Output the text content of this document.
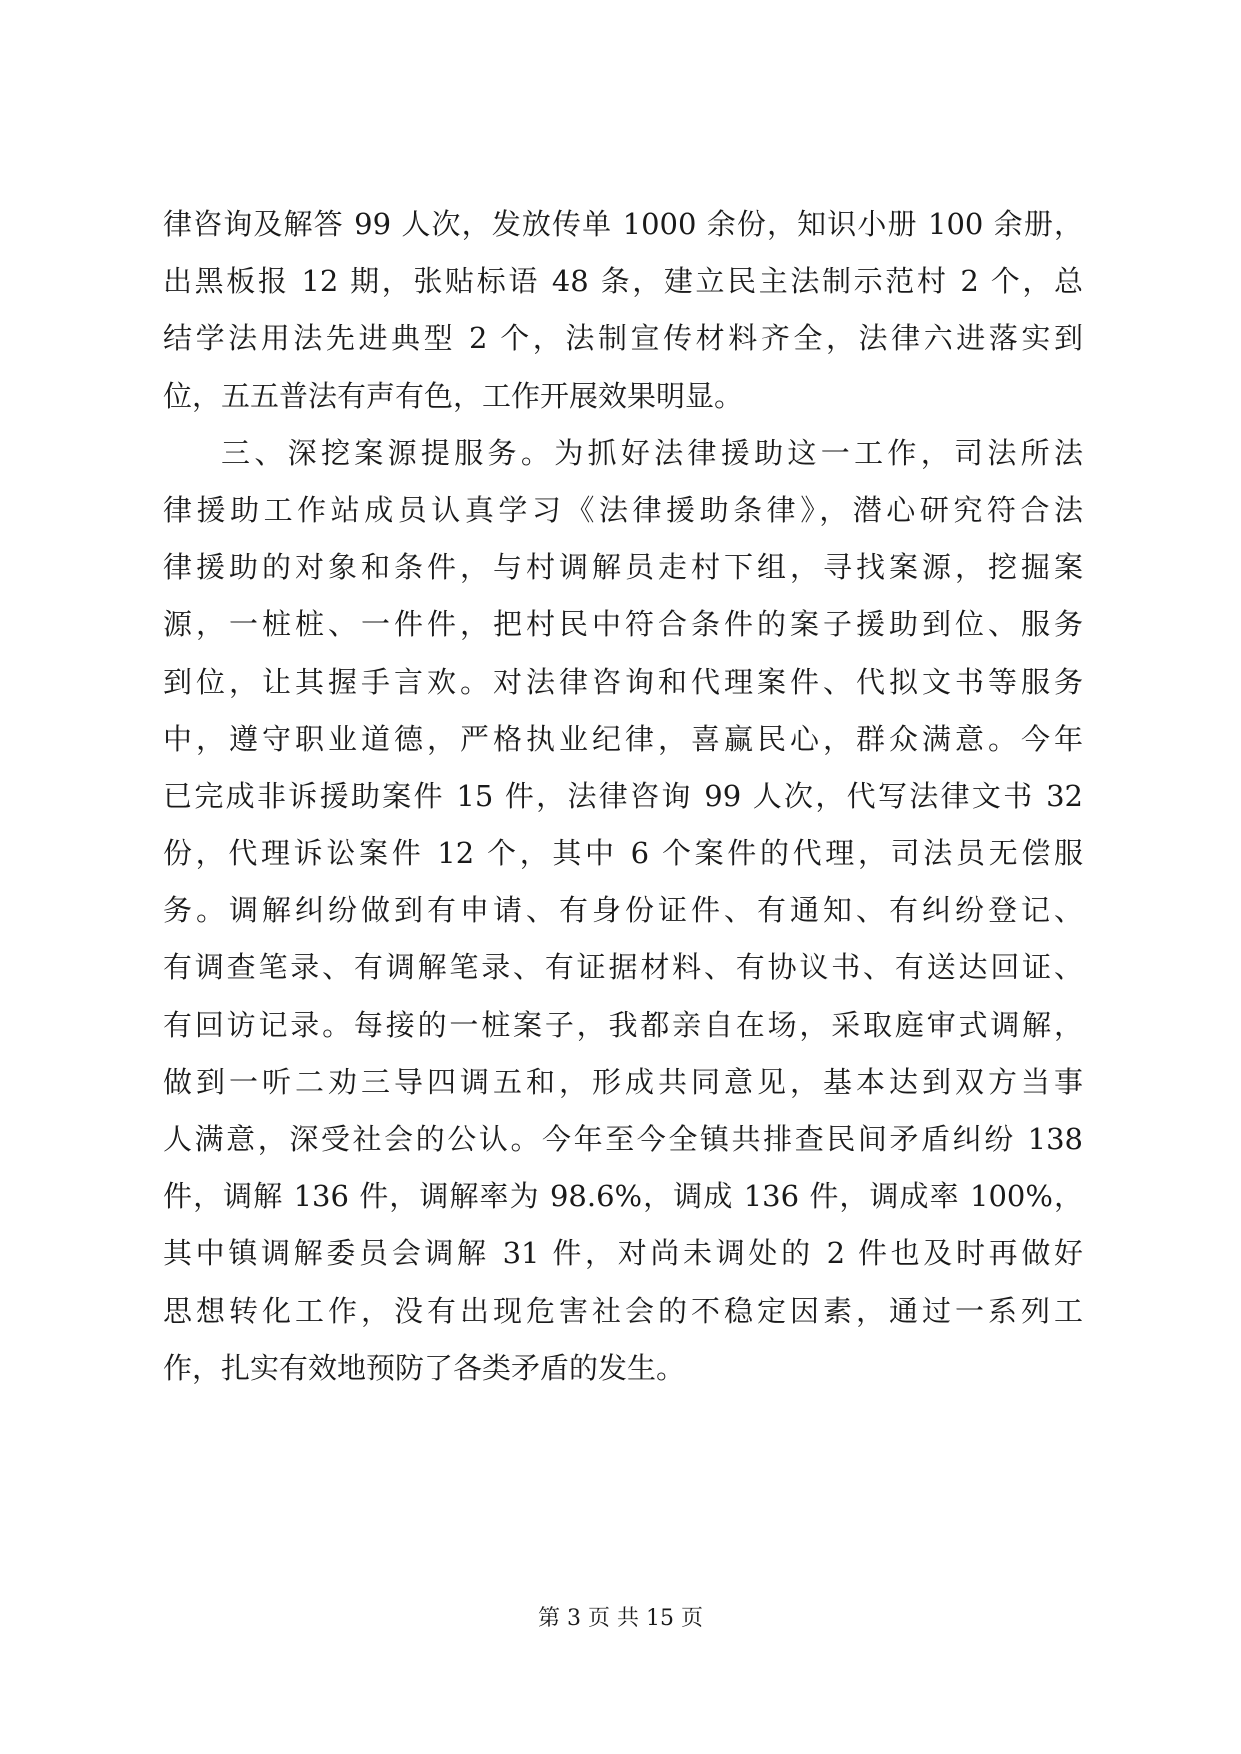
律咨询及解答 99 人次，发放传单 1000 余份，知识小册 100 余册，
出黑板报 12 期，张贴标语 48 条，建立民主法制示范村 2 个，总
结学法用法先进典型 2 个，法制宣传材料齐全，法律六进落实到
位，五五普法有声有色，工作开展效果明显。
三、深挖案源提服务。为抓好法律援助这一工作，司法所法
律援助工作站成员认真学习《法律援助条律》，潜心研究符合法
律援助的对象和条件，与村调解员走村下组，寻找案源，挖掘案
源，一桩桩、一件件，把村民中符合条件的案子援助到位、服务
到位，让其握手言欢。对法律咨询和代理案件、代拟文书等服务
中，遵守职业道德，严格执业纪律，喜赢民心，群众满意。今年
已完成非诉援助案件 15 件，法律咨询 99 人次，代写法律文书 32
份，代理诉讼案件 12 个，其中 6 个案件的代理，司法员无偿服
务。调解纠纷做到有申请、有身份证件、有通知、有纠纷登记、
有调查笔录、有调解笔录、有证据材料、有协议书、有送达回证、
有回访记录。每接的一桩案子，我都亲自在场，采取庭审式调解，
做到一听二劝三导四调五和，形成共同意见，基本达到双方当事
人满意，深受社会的公认。今年至今全镇共排查民间矛盾纠纷 138
件，调解 136 件，调解率为 98.6%，调成 136 件，调成率 100%，
其中镇调解委员会调解 31 件，对尚未调处的 2 件也及时再做好
思想转化工作，没有出现危害社会的不稳定因素，通过一系列工
作，扎实有效地预防了各类矛盾的发生。
第 3 页 共 15 页
